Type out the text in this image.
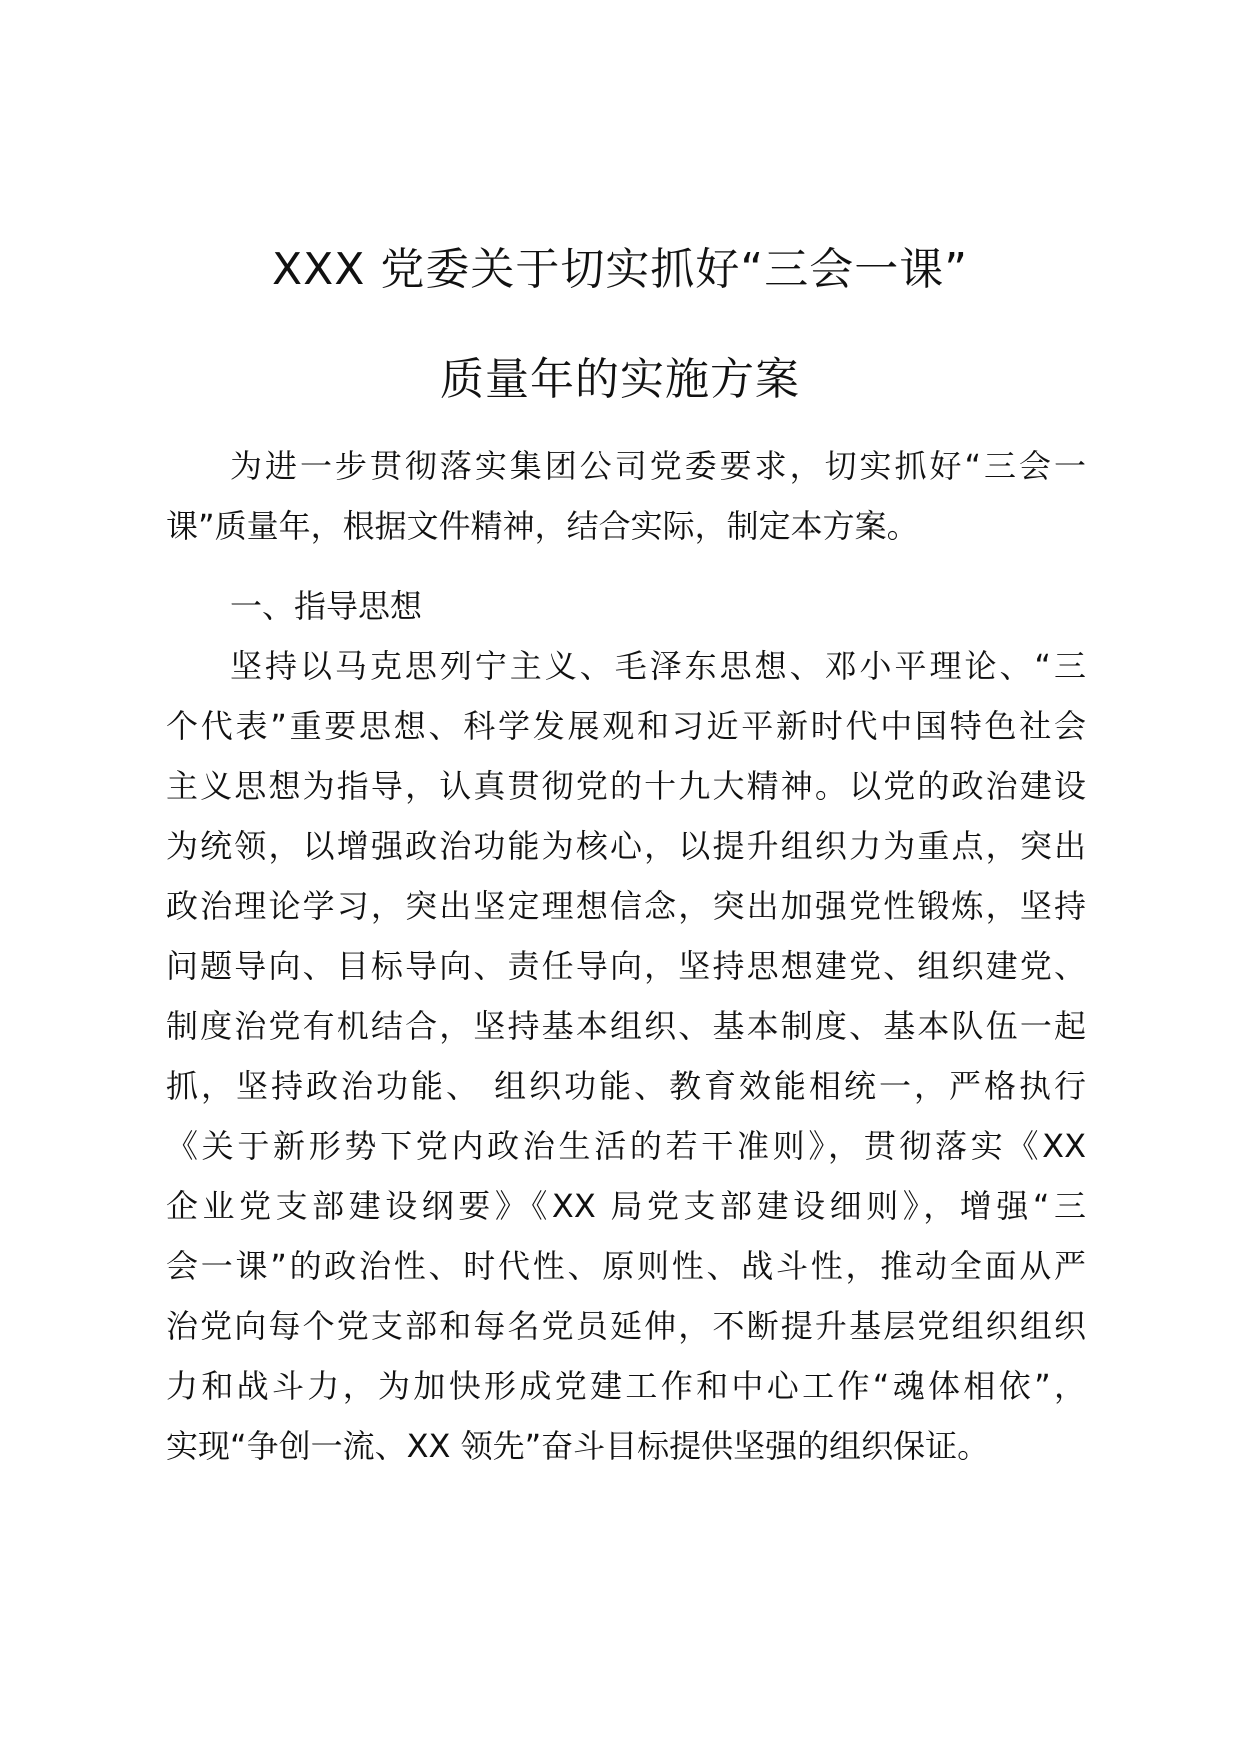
XXX 党委关于切实抓好“三会一课”
质量年的实施方案
为进一步贯彻落实集团公司党委要求，切实抓好“三会一
课”质量年，根据文件精神，结合实际，制定本方案。
一、指导思想
坚持以马克思列宁主义、毛泽东思想、邓小平理论、“三
个代表”重要思想、科学发展观和习近平新时代中国特色社会
主义思想为指导，认真贯彻党的十九大精神。以党的政治建设
为统领，以增强政治功能为核心，以提升组织力为重点，突出
政治理论学习，突出坚定理想信念，突出加强党性锻炼，坚持
问题导向、目标导向、责任导向，坚持思想建党、组织建党、
制度治党有机结合，坚持基本组织、基本制度、基本队伍一起
抓，坚持政治功能、 组织功能、教育效能相统一，严格执行
《关于新形势下党内政治生活的若干准则》，贯彻落实《XX
企业党支部建设纲要》《XX 局党支部建设细则》，增强“三
会一课”的政治性、时代性、原则性、战斗性，推动全面从严
治党向每个党支部和每名党员延伸，不断提升基层党组织组织
力和战斗力，为加快形成党建工作和中心工作“魂体相依”，
实现“争创一流、XX 领先”奋斗目标提供坚强的组织保证。
